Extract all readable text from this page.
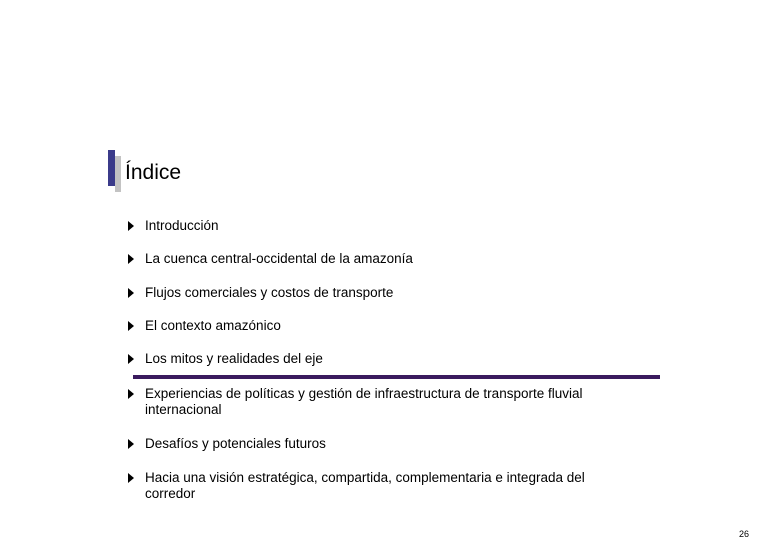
Índice
Introducción
La cuenca central-occidental de la amazonía
Flujos comerciales y costos de transporte
El contexto amazónico
Los mitos y realidades del eje
Experiencias de políticas y gestión de infraestructura de transporte fluvial internacional
Desafíos y potenciales futuros
Hacia una visión estratégica, compartida, complementaria e integrada del corredor
26
